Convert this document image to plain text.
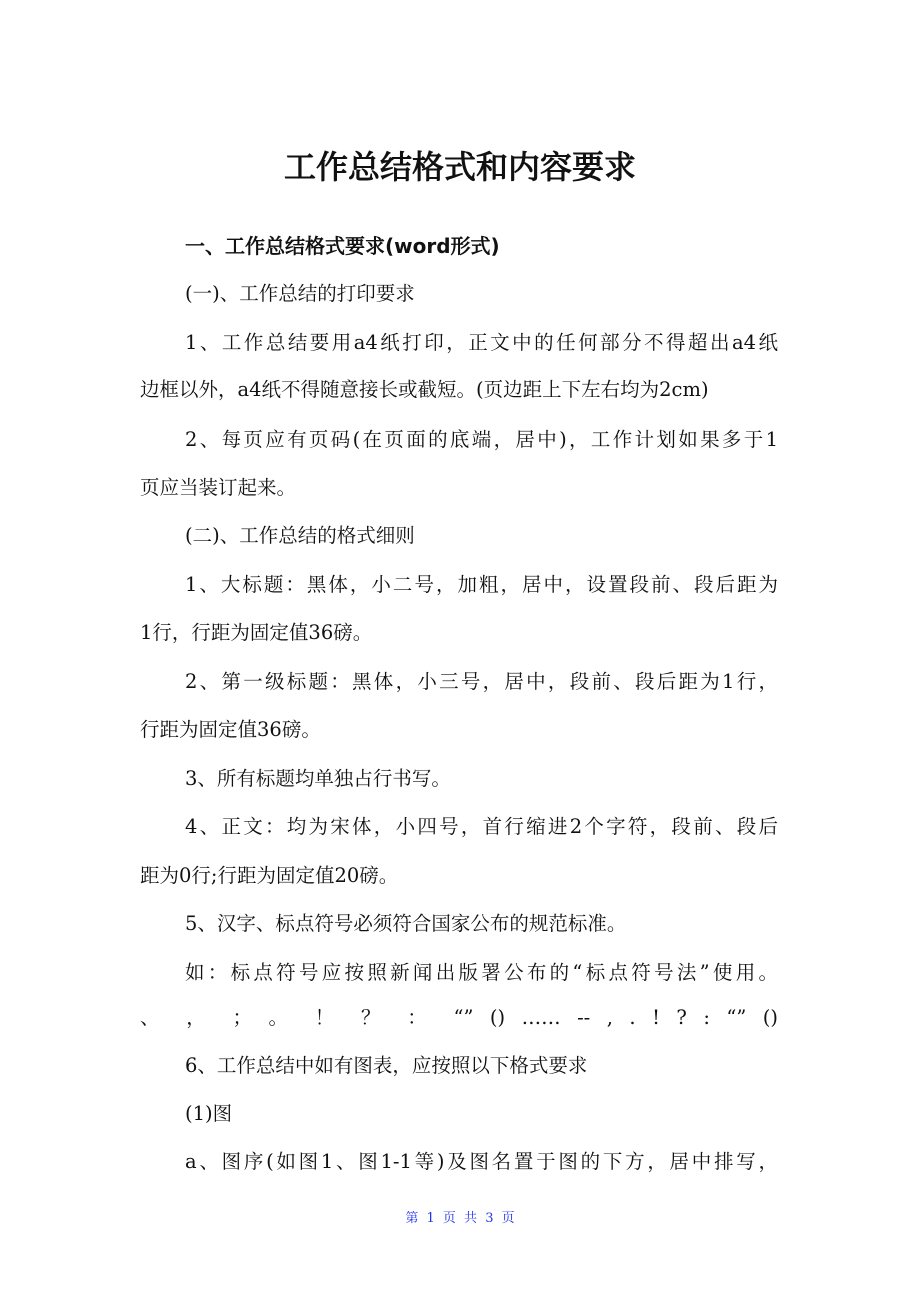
工作总结格式和内容要求
一、工作总结格式要求(word形式)
(一)、工作总结的打印要求
1、工作总结要用a4纸打印，正文中的任何部分不得超出a4纸
边框以外，a4纸不得随意接长或截短。(页边距上下左右均为2cm)
2、每页应有页码(在页面的底端，居中)，工作计划如果多于1
页应当装订起来。
(二)、工作总结的格式细则
1、大标题：黑体，小二号，加粗，居中，设置段前、段后距为
1行，行距为固定值36磅。
2、第一级标题：黑体，小三号，居中，段前、段后距为1行，
行距为固定值36磅。
3、所有标题均单独占行书写。
4、正文：均为宋体，小四号，首行缩进2个字符，段前、段后
距为0行;行距为固定值20磅。
5、汉字、标点符号必须符合国家公布的规范标准。
如：标点符号应按照新闻出版署公布的“标点符号法”使用。
、 ， ； 。 ！ ？ ： “” () …… -- , . ! ? : “” ()
6、工作总结中如有图表，应按照以下格式要求
(1)图
a、图序(如图1、图1-1等)及图名置于图的下方，居中排写，
第 1 页 共 3 页
